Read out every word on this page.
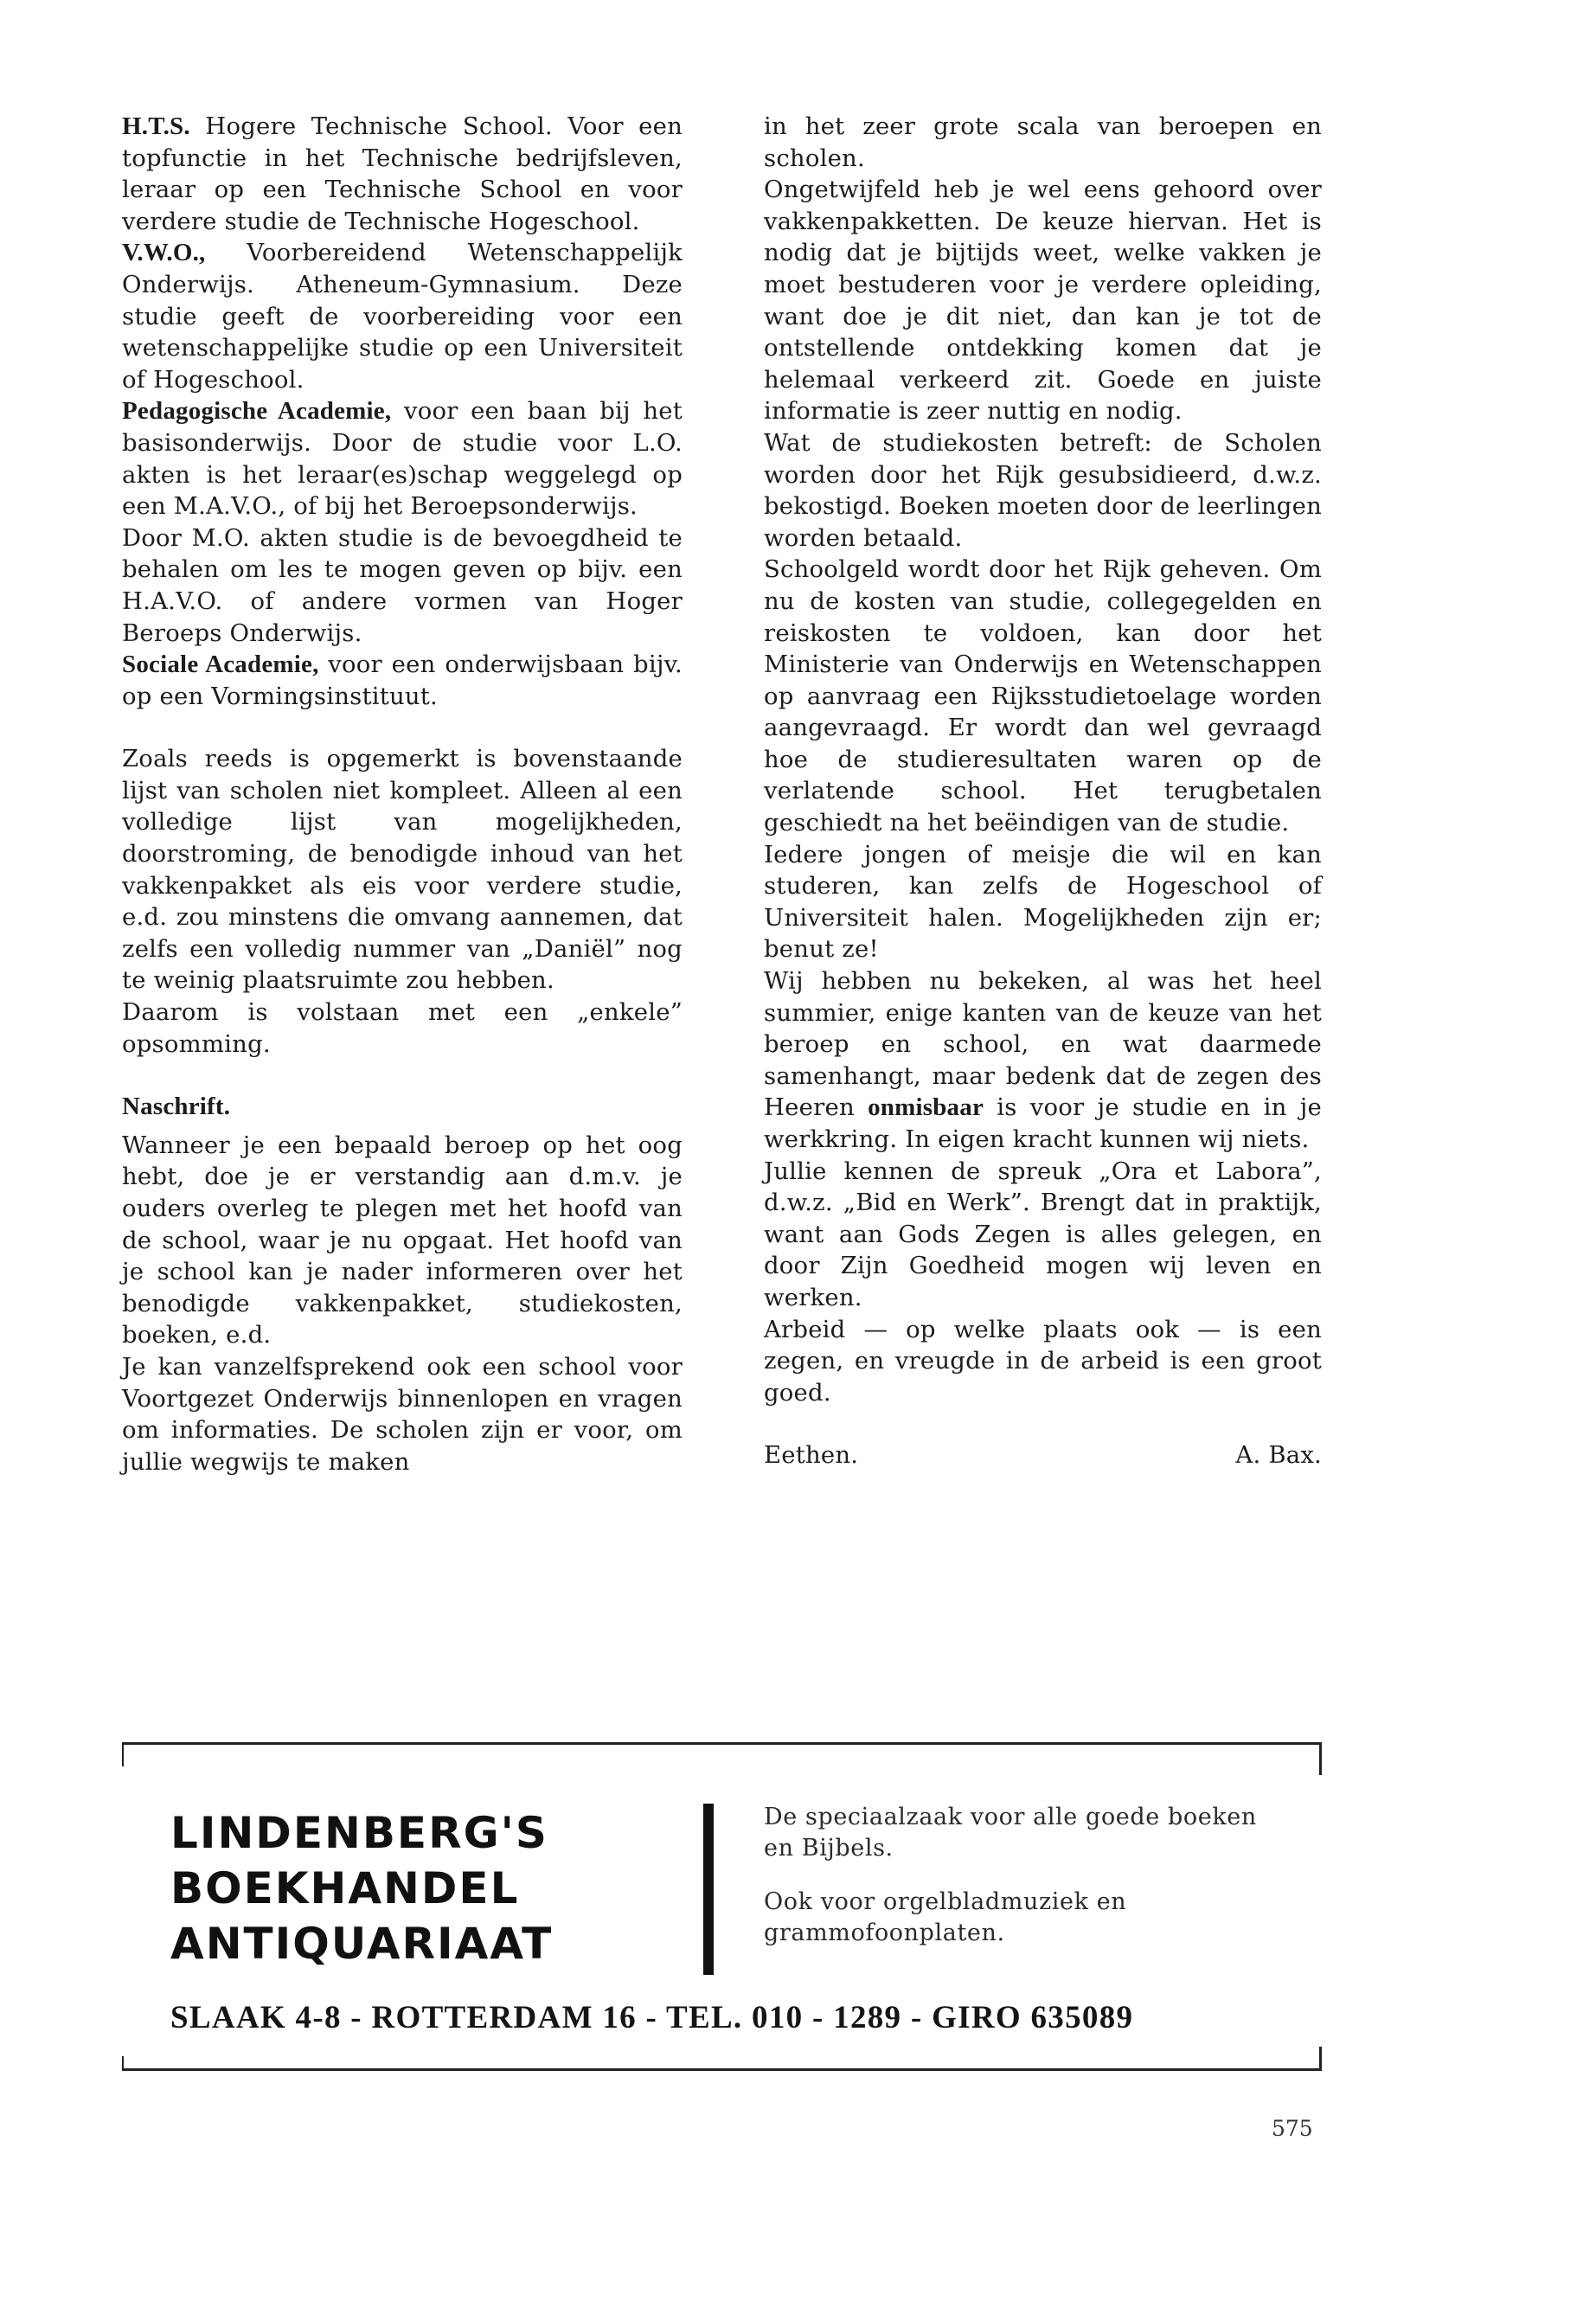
H.T.S. Hogere Technische School. Voor een topfunctie in het Technische bedrijfsleven, leraar op een Technische School en voor verdere studie de Technische Hogeschool.

V.W.O., Voorbereidend Wetenschappelijk Onderwijs. Atheneum-Gymnasium. Deze studie geeft de voorbereiding voor een wetenschappelijke studie op een Universiteit of Hogeschool.

Pedagogische Academie, voor een baan bij het basisonderwijs. Door de studie voor L.O. akten is het leraar(es)schap weggelegd op een M.A.V.O., of bij het Beroepsonderwijs.

Door M.O. akten studie is de bevoegdheid te behalen om les te mogen geven op bijv. een H.A.V.O. of andere vormen van Hoger Beroeps Onderwijs.

Sociale Academie, voor een onderwijsbaan bijv. op een Vormingsinstituut.

Zoals reeds is opgemerkt is bovenstaande lijst van scholen niet kompleet. Alleen al een volledige lijst van mogelijkheden, doorstroming, de benodigde inhoud van het vakkenpakket als eis voor verdere studie, e.d. zou minstens die omvang aannemen, dat zelfs een volledig nummer van „Daniël” nog te weinig plaatsruimte zou hebben.

Daarom is volstaan met een „enkele” opsomming.

Naschrift.

Wanneer je een bepaald beroep op het oog hebt, doe je er verstandig aan d.m.v. je ouders overleg te plegen met het hoofd van de school, waar je nu opgaat. Het hoofd van je school kan je nader informeren over het benodigde vakkenpakket, studiekosten, boeken, e.d.

Je kan vanzelfsprekend ook een school voor Voortgezet Onderwijs binnenlopen en vragen om informaties. De scholen zijn er voor, om jullie wegwijs te maken

in het zeer grote scala van beroepen en scholen.

Ongetwijfeld heb je wel eens gehoord over vakkenpakketten. De keuze hiervan. Het is nodig dat je bijtijds weet, welke vakken je moet bestuderen voor je verdere opleiding, want doe je dit niet, dan kan je tot de ontstellende ontdekking komen dat je helemaal verkeerd zit. Goede en juiste informatie is zeer nuttig en nodig.

Wat de studiekosten betreft: de Scholen worden door het Rijk gesubsidieerd, d.w.z. bekostigd. Boeken moeten door de leerlingen worden betaald.

Schoolgeld wordt door het Rijk geheven. Om nu de kosten van studie, collegegelden en reiskosten te voldoen, kan door het Ministerie van Onderwijs en Wetenschappen op aanvraag een Rijksstudietoelage worden aangevraagd. Er wordt dan wel gevraagd hoe de studieresultaten waren op de verlatende school. Het terugbetalen geschiedt na het beëindigen van de studie.

Iedere jongen of meisje die wil en kan studeren, kan zelfs de Hogeschool of Universiteit halen. Mogelijkheden zijn er; benut ze!

Wij hebben nu bekeken, al was het heel summier, enige kanten van de keuze van het beroep en school, en wat daarmede samenhangt, maar bedenk dat de zegen des Heeren onmisbaar is voor je studie en in je werkkring. In eigen kracht kunnen wij niets.

Jullie kennen de spreuk „Ora et Labora”, d.w.z. „Bid en Werk”. Brengt dat in praktijk, want aan Gods Zegen is alles gelegen, en door Zijn Goedheid mogen wij leven en werken.

Arbeid — op welke plaats ook — is een zegen, en vreugde in de arbeid is een groot goed.

Eethen.	A. Bax.
LINDENBERG'S
BOEKHANDEL
ANTIQUARIAAT

De speciaalzaak voor alle goede boeken en Bijbels.

Ook voor orgelbladmuziek en grammofoonplaten.

SLAAK 4-8 - ROTTERDAM 16 - TEL. 010 - 1289 - GIRO 635089
575
